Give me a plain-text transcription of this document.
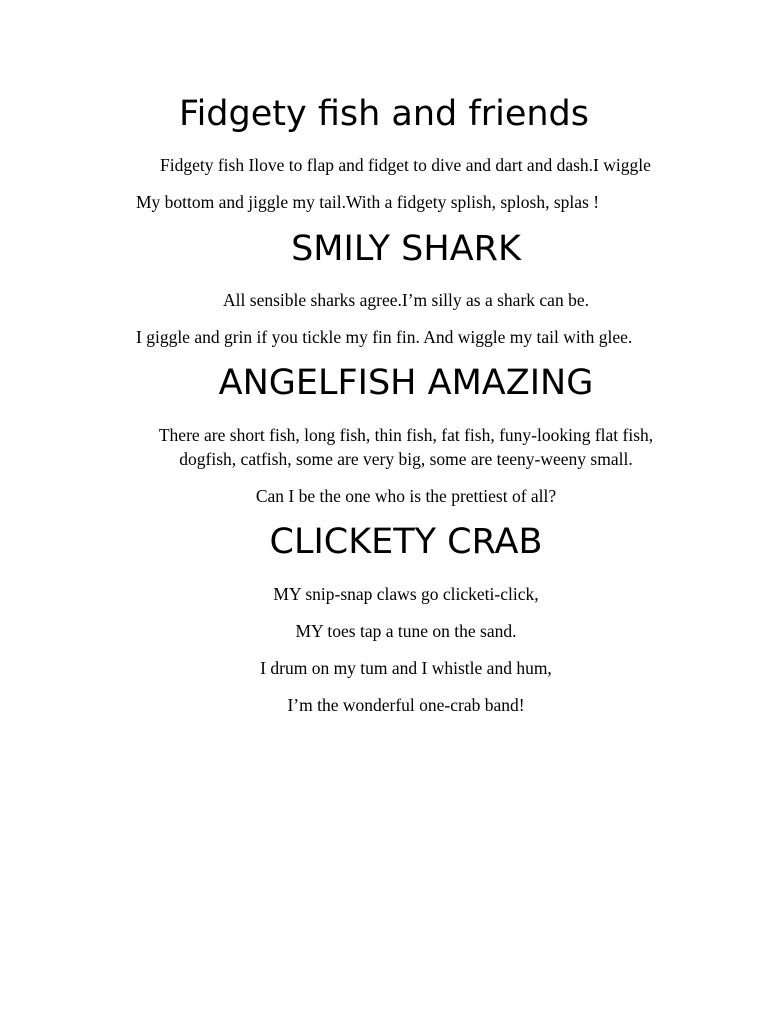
Fidgety fish and friends

Fidgety fish Ilove to flap and fidget to dive and dart and dash.I wiggle

My bottom and jiggle my tail.With a fidgety splish, splosh, splas !

SMILY SHARK

All sensible sharks agree.I’m silly as a shark can be.

I giggle and grin if you tickle my fin fin. And wiggle my tail with glee.

ANGELFISH AMAZING

There are short fish, long fish, thin fish, fat fish, funy-looking flat fish,

dogfish, catfish, some are very big, some are teeny-weeny small.

Can I be the one who is the prettiest of all?

CLICKETY CRAB

MY snip-snap claws go clicketi-click,

MY toes tap a tune on the sand.

I drum on my tum and I whistle and hum,

I’m the wonderful one-crab band!
